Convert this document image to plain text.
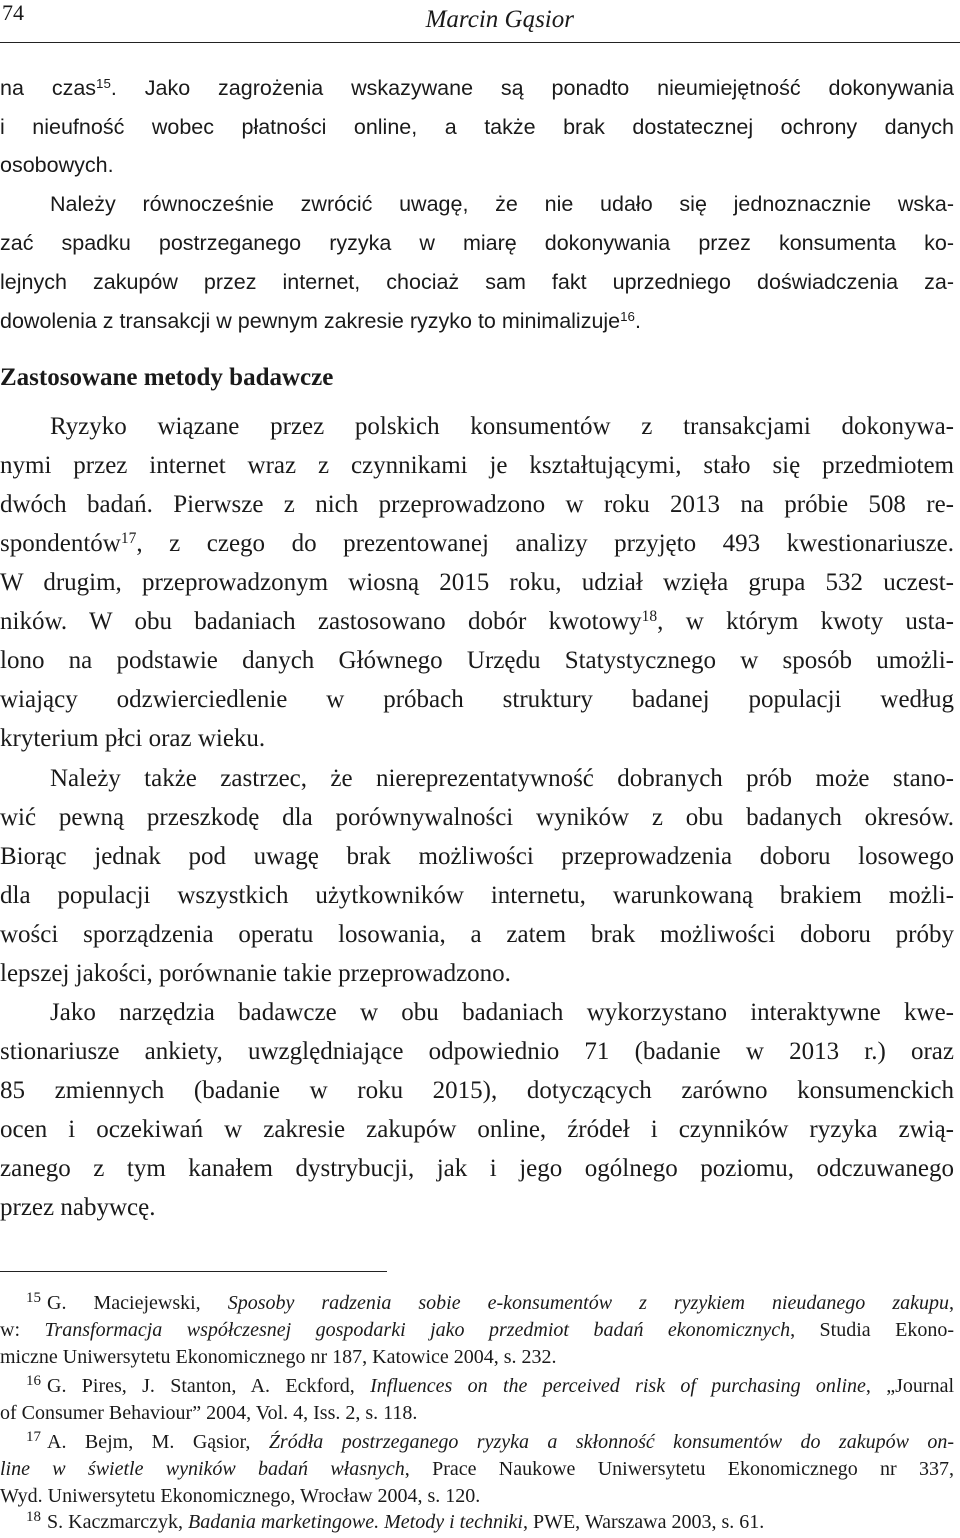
74	Marcin Gąsior
na czas$^{15}$. Jako zagrożenia wskazywane są ponadto nieumiejętność dokonywania
i nieufność wobec płatności online, a także brak dostatecznej ochrony danych
osobowych.
Należy równocześnie zwrócić uwagę, że nie udało się jednoznacznie wska-
zać spadku postrzeganego ryzyka w miarę dokonywania przez konsumenta ko-
lejnych zakupów przez internet, chociaż sam fakt uprzedniego doświadczenia za-
dowolenia z transakcji w pewnym zakresie ryzyko to minimalizuje$^{16}$.
Zastosowane metody badawcze
Ryzyko wiązane przez polskich konsumentów z transakcjami dokonywa-
nymi przez internet wraz z czynnikami je kształtującymi, stało się przedmiotem
dwóch badań. Pierwsze z nich przeprowadzono w roku 2013 na próbie 508 re-
spondentów$^{17}$, z czego do prezentowanej analizy przyjęto 493 kwestionariusze.
W drugim, przeprowadzonym wiosną 2015 roku, udział wzięła grupa 532 uczest-
ników. W obu badaniach zastosowano dobór kwotowy$^{18}$, w którym kwoty usta-
lono na podstawie danych Głównego Urzędu Statystycznego w sposób umożli-
wiający odzwierciedlenie w próbach struktury badanej populacji według
kryterium płci oraz wieku.
Należy także zastrzec, że niereprezentatywność dobranych prób może stano-
wić pewną przeszkodę dla porównywalności wyników z obu badanych okresów.
Biorąc jednak pod uwagę brak możliwości przeprowadzenia doboru losowego
dla populacji wszystkich użytkowników internetu, warunkowaną brakiem możli-
wości sporządzenia operatu losowania, a zatem brak możliwości doboru próby
lepszej jakości, porównanie takie przeprowadzono.
Jako narzędzia badawcze w obu badaniach wykorzystano interaktywne kwe-
stionariusze ankiety, uwzględniające odpowiednio 71 (badanie w 2013 r.) oraz
85 zmiennych (badanie w roku 2015), dotyczących zarówno konsumenckich
ocen i oczekiwań w zakresie zakupów online, źródeł i czynników ryzyka zwią-
zanego z tym kanałem dystrybucji, jak i jego ogólnego poziomu, odczuwanego
przez nabywcę.
$^{15}$ G. Maciejewski, Sposoby radzenia sobie e-konsumentów z ryzykiem nieudanego zakupu,
w: Transformacja współczesnej gospodarki jako przedmiot badań ekonomicznych, Studia Ekono-
miczne Uniwersytetu Ekonomicznego nr 187, Katowice 2004, s. 232.
$^{16}$ G. Pires, J. Stanton, A. Eckford, Influences on the perceived risk of purchasing online, „Journal
of Consumer Behaviour” 2004, Vol. 4, Iss. 2, s. 118.
$^{17}$ A. Bejm, M. Gąsior, Źródła postrzeganego ryzyka a skłonność konsumentów do zakupów on-
line w świetle wyników badań własnych, Prace Naukowe Uniwersytetu Ekonomicznego nr 337,
Wyd. Uniwersytetu Ekonomicznego, Wrocław 2004, s. 120.
$^{18}$ S. Kaczmarczyk, Badania marketingowe. Metody i techniki, PWE, Warszawa 2003, s. 61.
